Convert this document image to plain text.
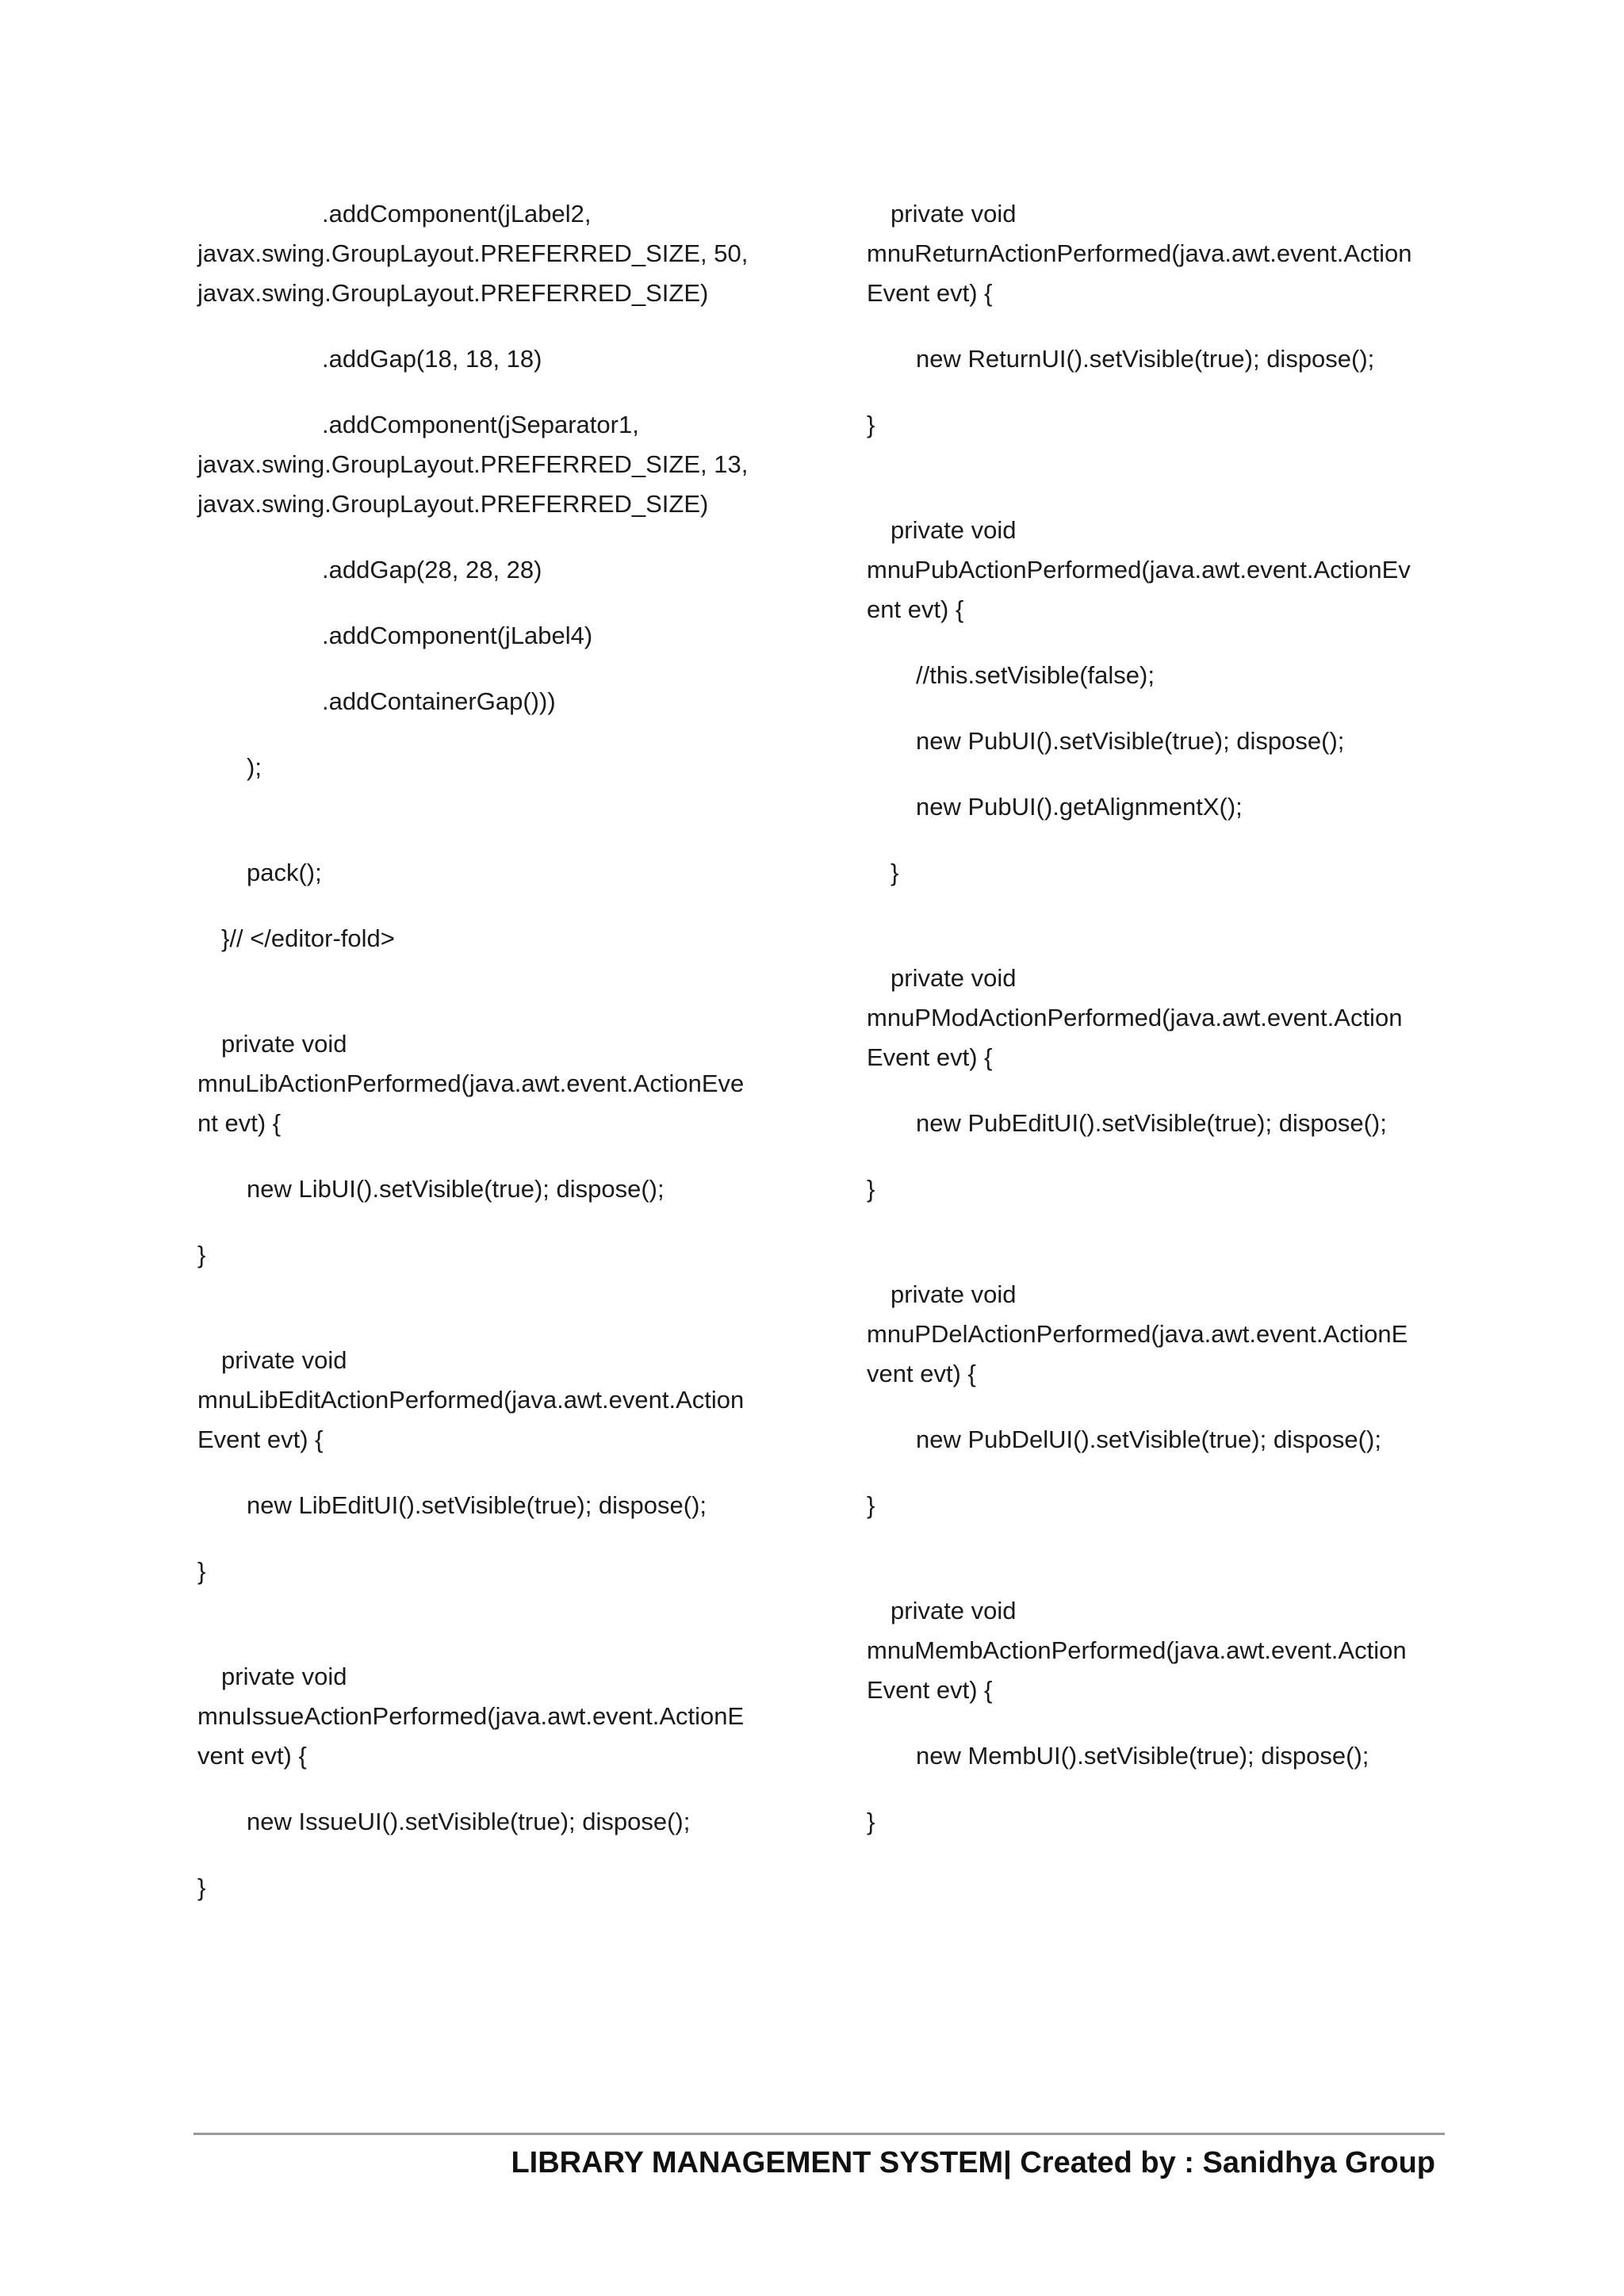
.addComponent(jLabel2,
javax.swing.GroupLayout.PREFERRED_SIZE, 50,
javax.swing.GroupLayout.PREFERRED_SIZE)
.addGap(18, 18, 18)
.addComponent(jSeparator1,
javax.swing.GroupLayout.PREFERRED_SIZE, 13,
javax.swing.GroupLayout.PREFERRED_SIZE)
.addGap(28, 28, 28)
.addComponent(jLabel4)
.addContainerGap()))
);
pack();
}// </editor-fold>
private void
mnuLibActionPerformed(java.awt.event.ActionEve
nt evt) {
new LibUI().setVisible(true); dispose();
}
private void
mnuLibEditActionPerformed(java.awt.event.Action
Event evt) {
new LibEditUI().setVisible(true); dispose();
}
private void
mnuIssueActionPerformed(java.awt.event.ActionE
vent evt) {
new IssueUI().setVisible(true); dispose();
}
private void
mnuReturnActionPerformed(java.awt.event.Action
Event evt) {
new ReturnUI().setVisible(true); dispose();
}
private void
mnuPubActionPerformed(java.awt.event.ActionEv
ent evt) {
//this.setVisible(false);
new PubUI().setVisible(true); dispose();
new PubUI().getAlignmentX();
}
private void
mnuPModActionPerformed(java.awt.event.Action
Event evt) {
new PubEditUI().setVisible(true); dispose();
}
private void
mnuPDelActionPerformed(java.awt.event.ActionE
vent evt) {
new PubDelUI().setVisible(true); dispose();
}
private void
mnuMembActionPerformed(java.awt.event.Action
Event evt) {
new MembUI().setVisible(true); dispose();
}
LIBRARY MANAGEMENT SYSTEM| Created by : Sanidhya Group
